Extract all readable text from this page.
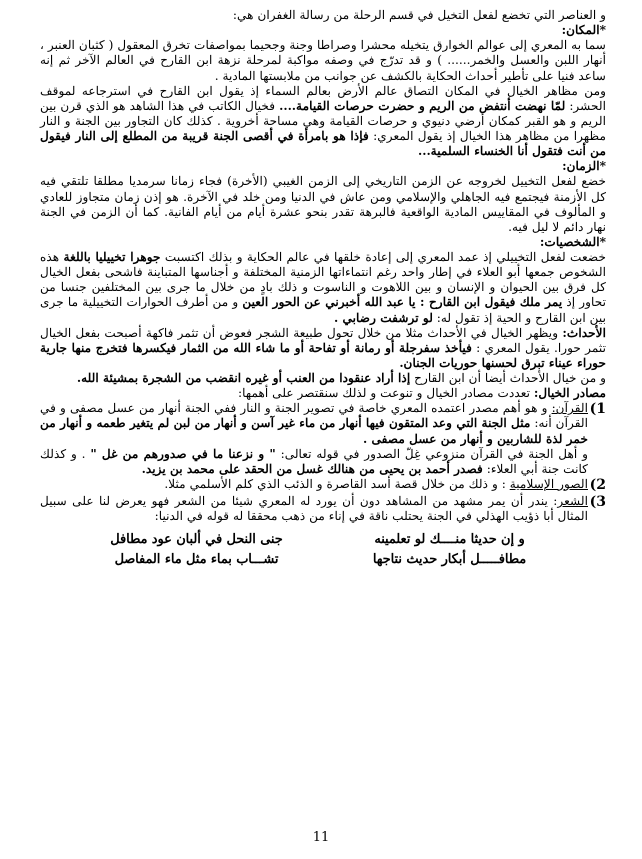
و العناصر التي تخضع لفعل التخيل في قسم الرحلة من رسالة الغفران هي:

*المكان:

سما به المعري إلى عوالم الخوارق يتخيله محشرا وصراطا وجنة وجحيما بمواصفات تخرق المعقول ( كثبان العنبر ، أنهار اللبن والعسل والخمر...... ) و قد تدرّج في وصفه مواكبة لمرحلة نزهة ابن القارح في العالم الآخر ثم إنه ساعد فنيا على تأطير أحداث الحكاية بالكشف عن جوانب من ملابستها المادية .

ومن مظاهر الخيال في المكان التصاق عالم الأرض بعالم السماء إذ يقول ابن القارح في استرجاعه لموقف الحشر: لمّا نهضت أنتفض من الريم و حضرت حرصات القيامة.... فخيال الكاتب في هذا الشاهد هو الذي قرن بين الريم و هو القبر كمكان أرضي دنيوي و حرصات القيامة وهي مساحة أخروية . كذلك كان التجاور بين الجنة و النار مظهرا من مظاهر هذا الخيال إذ يقول المعري: فإذا هو بامرأة في أقصى الجنة قريبة من المطلع إلى النار فيقول من أنت فتقول أنا الخنساء السلمية...

*الزمان:

خضع لفعل التخييل لخروجه عن الزمن التاريخي إلى الزمن الغيبي (الأخرة) فجاء زمانا سرمديا مطلقا تلتقي فيه كل الأزمنة فيجتمع فيه الجاهلي والإسلامي ومن عاش في الدنيا ومن خلد في الآخرة. هو إذن زمان متجاوز للعادي و المألوف في المقاييس المادية الواقعية فالبرهة تقدر بنحو عشرة أيام من أيام الفانية. كما أن الزمن في الجنة نهار دائم لا ليل فيه.

*الشخصيات:

خضعت لفعل التخييلي إذ عمد المعري إلى إعادة خلقها في عالم الحكاية و بذلك اكتسبت جوهرا تخييليا باللغة هذه الشخوص جمعها أبو العلاء في إطار واحد رغم انتماءاتها الزمنية المختلفة و أجناسها المتباينة فاشحى بفعل الخيال كل فرق بين الحيوان و الإنسان و بين اللاهوت و الناسوت و ذلك بادٍ من خلال ما جرى بين المختلفين جنسا من تحاور إذ يمر ملك فيقول ابن القارح : يا عبد الله أخبرني عن الحور العين و من أطرف الحوارات التخييلية ما جرى بين ابن القارح و الحية إذ تقول له: لو ترشفت رضابي .

الأحداث: ويظهر الخيال في الأحداث مثلا من خلال تحول طبيعة الشجر فعوض أن تثمر فاكهة أصبحت بفعل الخيال تثمر حورا. يقول المعري : فيأخذ سفرجلة أو رمانة أو تفاحة أو ما شاء الله من الثمار فيكسرها فتخرج منها جارية حوراء عيناء تبرق لحسنها حوريات الجنان.

و من خيال الأحداث أيضا أن ابن القارح إذا أراد عنقودا من العنب أو غيره انقضب من الشجرة بمشيئة الله.

مصادر الخيال: تعددت مصادر الخيال و تنوعت و لذلك سنقتصر على أهمها:

1)

القرآن: و هو أهم مصدر اعتمده المعري خاصة في تصوير الجنة و النار ففي الجنة أنهار من عسل مصفى و في القرآن أنه: مثل الجنة التي وعد المتقون فيها أنهار من ماء غير آسن و أنهار من لبن لم يتغير طعمه و أنهار من خمر لذة للشاربين و أنهار من عسل مصفى .

و أهل الجنة في القرآن منزوعي غِلّ الصدور في قوله تعالى: " و نزعنا ما في صدورهم من غل " . و كذلك كانت جنة أبي العلاء: فصدر أحمد بن يحيى من هنالك غسل من الحقد على محمد بن يزيد.

2)

الصور الإسلامية : و ذلك من خلال قصة أسد القاصرة و الذئب الذي كلم الأسلمي مثلا.

3)

الشعر: يندر أن يمر مشهد من المشاهد دون أن يورد له المعري شيئا من الشعر فهو يعرض لنا على سبيل المثال أبا ذؤيب الهذلي في الجنة يحتلب ناقة في إناء من ذهب محققا له قوله في الدنيا:

و إن حديثا منــــك لو تعلمينه
جنى النحل في ألبان عود مطافل
مطافـــــل أبكار حديث نتاجها
تشـــاب بماء مثل ماء المفاصل
11
